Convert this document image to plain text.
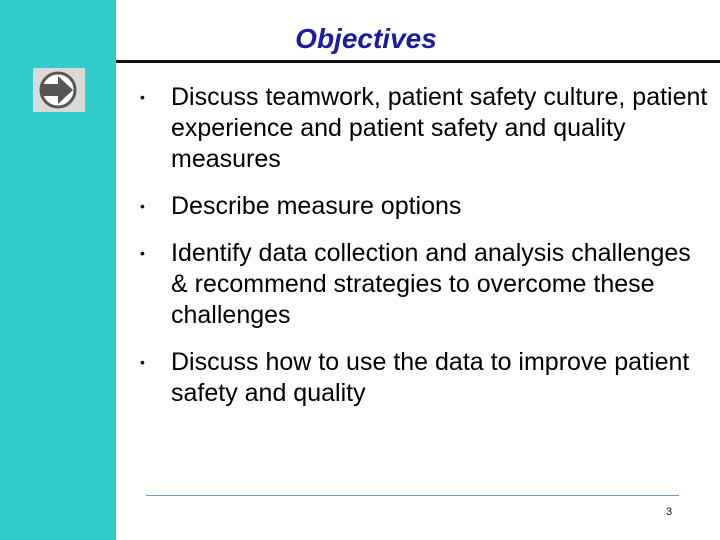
Objectives
• Discuss teamwork, patient safety culture, patient experience and patient safety and quality measures
• Describe measure options
• Identify data collection and analysis challenges & recommend strategies to overcome these challenges
• Discuss how to use the data to improve patient safety and quality
3
